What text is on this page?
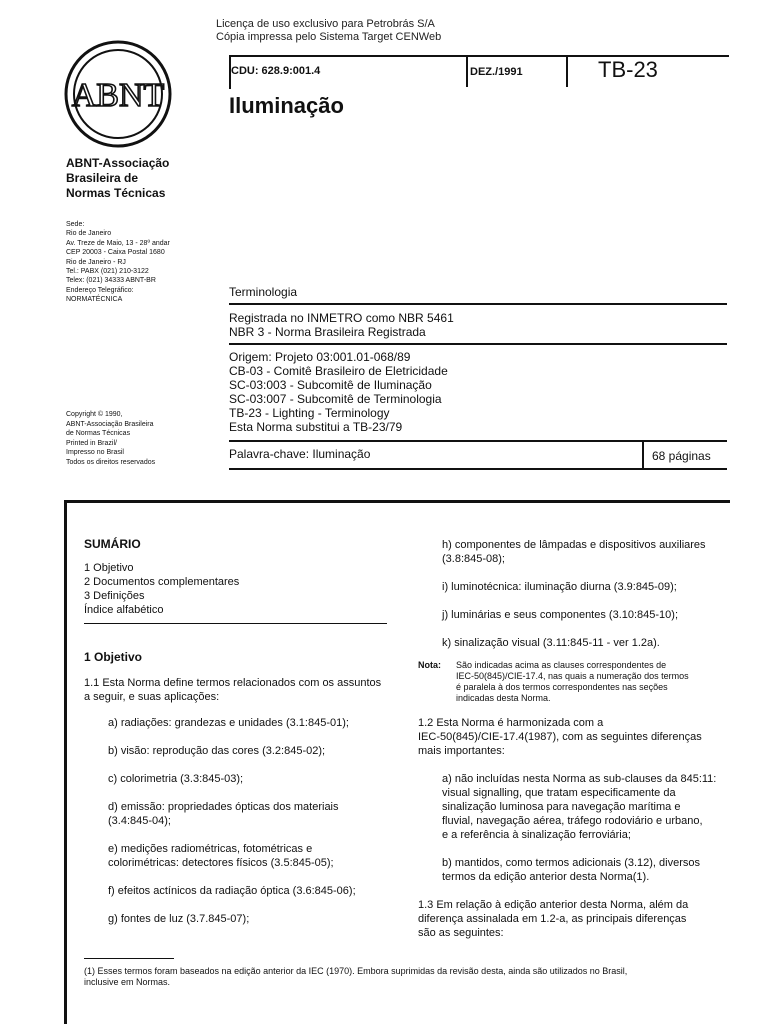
Licença de uso exclusivo para Petrobrás S/A
Cópia impressa pelo Sistema Target CENWeb
ABNT
ABNT-Associação
Brasileira de
Normas Técnicas
Sede:
Rio de Janeiro
Av. Treze de Maio, 13 - 28º andar
CEP 20003 - Caixa Postal 1680
Rio de Janeiro - RJ
Tel.: PABX (021) 210-3122
Telex: (021) 34333 ABNT-BR
Endereço Telegráfico:
NORMATÉCNICA
Copyright © 1990,
ABNT-Associação Brasileira
de Normas Técnicas
Printed in Brazil/
Impresso no Brasil
Todos os direitos reservados
CDU: 628.9:001.4	DEZ./1991	TB-23
Iluminação
Terminologia
Registrada no INMETRO como NBR 5461
NBR 3 - Norma Brasileira Registrada
Origem: Projeto 03:001.01-068/89
CB-03 - Comitê Brasileiro de Eletricidade
SC-03:003 - Subcomitê de Iluminação
SC-03:007 - Subcomitê de Terminologia
TB-23 - Lighting - Terminology
Esta Norma substitui a TB-23/79
Palavra-chave: Iluminação	68 páginas
SUMÁRIO
1 Objetivo
2 Documentos complementares
3 Definições
Índice alfabético
1 Objetivo
1.1 Esta Norma define termos relacionados com os assuntos
a seguir, e suas aplicações:
a) radiações: grandezas e unidades (3.1:845-01);
b) visão: reprodução das cores (3.2:845-02);
c) colorimetria (3.3:845-03);
d) emissão: propriedades ópticas dos materiais
(3.4:845-04);
e) medições radiométricas, fotométricas e
colorimétricas: detectores físicos (3.5:845-05);
f) efeitos actínicos da radiação óptica (3.6:845-06);
g) fontes de luz (3.7.845-07);
h) componentes de lâmpadas e dispositivos auxiliares
(3.8:845-08);
i) luminotécnica: iluminação diurna (3.9:845-09);
j) luminárias e seus componentes (3.10:845-10);
k) sinalização visual (3.11:845-11 - ver 1.2a).
Nota:	São indicadas acima as clauses correspondentes de
IEC-50(845)/CIE-17.4, nas quais a numeração dos termos
é paralela à dos termos correspondentes nas seções
indicadas desta Norma.
1.2 Esta Norma é harmonizada com a
IEC-50(845)/CIE-17.4(1987), com as seguintes diferenças
mais importantes:
a) não incluídas nesta Norma as sub-clauses da 845:11:
visual signalling, que tratam especificamente da
sinalização luminosa para navegação marítima e
fluvial, navegação aérea, tráfego rodoviário e urbano,
e a referência à sinalização ferroviária;
b) mantidos, como termos adicionais (3.12), diversos
termos da edição anterior desta Norma(1).
1.3 Em relação à edição anterior desta Norma, além da
diferença assinalada em 1.2-a, as principais diferenças
são as seguintes:
(1) Esses termos foram baseados na edição anterior da IEC (1970). Embora suprimidas da revisão desta, ainda são utilizados no Brasil,
inclusive em Normas.
